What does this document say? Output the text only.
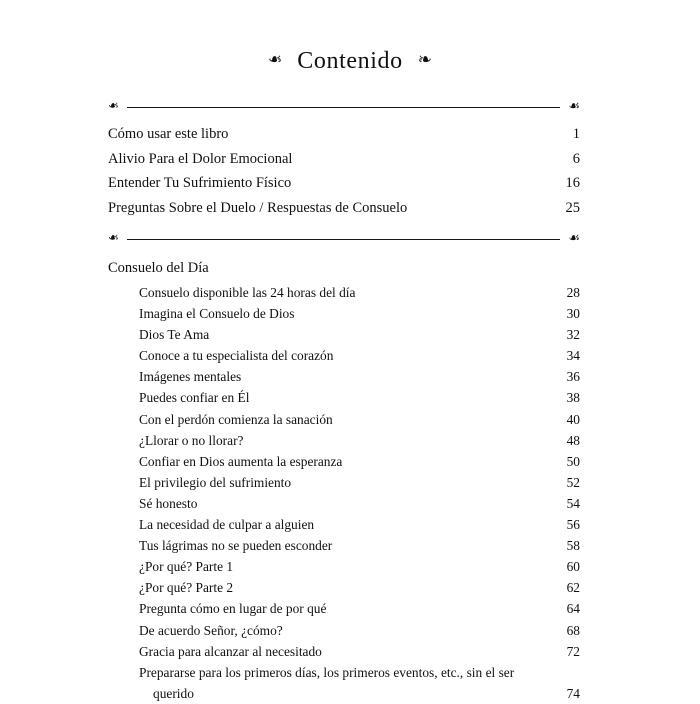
❧ Contenido ❧
❧	☙
Cómo usar este libro	1
Alivio Para el Dolor Emocional	6
Entender Tu Sufrimiento Físico	16
Preguntas Sobre el Duelo / Respuestas de Consuelo	25
❧	☙
Consuelo del Día
Consuelo disponible las 24 horas del día	28
Imagina el Consuelo de Dios	30
Dios Te Ama	32
Conoce a tu especialista del corazón	34
Imágenes mentales	36
Puedes confiar en Él	38
Con el perdón comienza la sanación	40
¿Llorar o no llorar?	48
Confiar en Dios aumenta la esperanza	50
El privilegio del sufrimiento	52
Sé honesto	54
La necesidad de culpar a alguien	56
Tus lágrimas no se pueden esconder	58
¿Por qué? Parte 1	60
¿Por qué? Parte 2	62
Pregunta cómo en lugar de por qué	64
De acuerdo Señor, ¿cómo?	68
Gracia para alcanzar al necesitado	72
Prepararse para los primeros días, los primeros eventos, etc., sin el ser querido	74
